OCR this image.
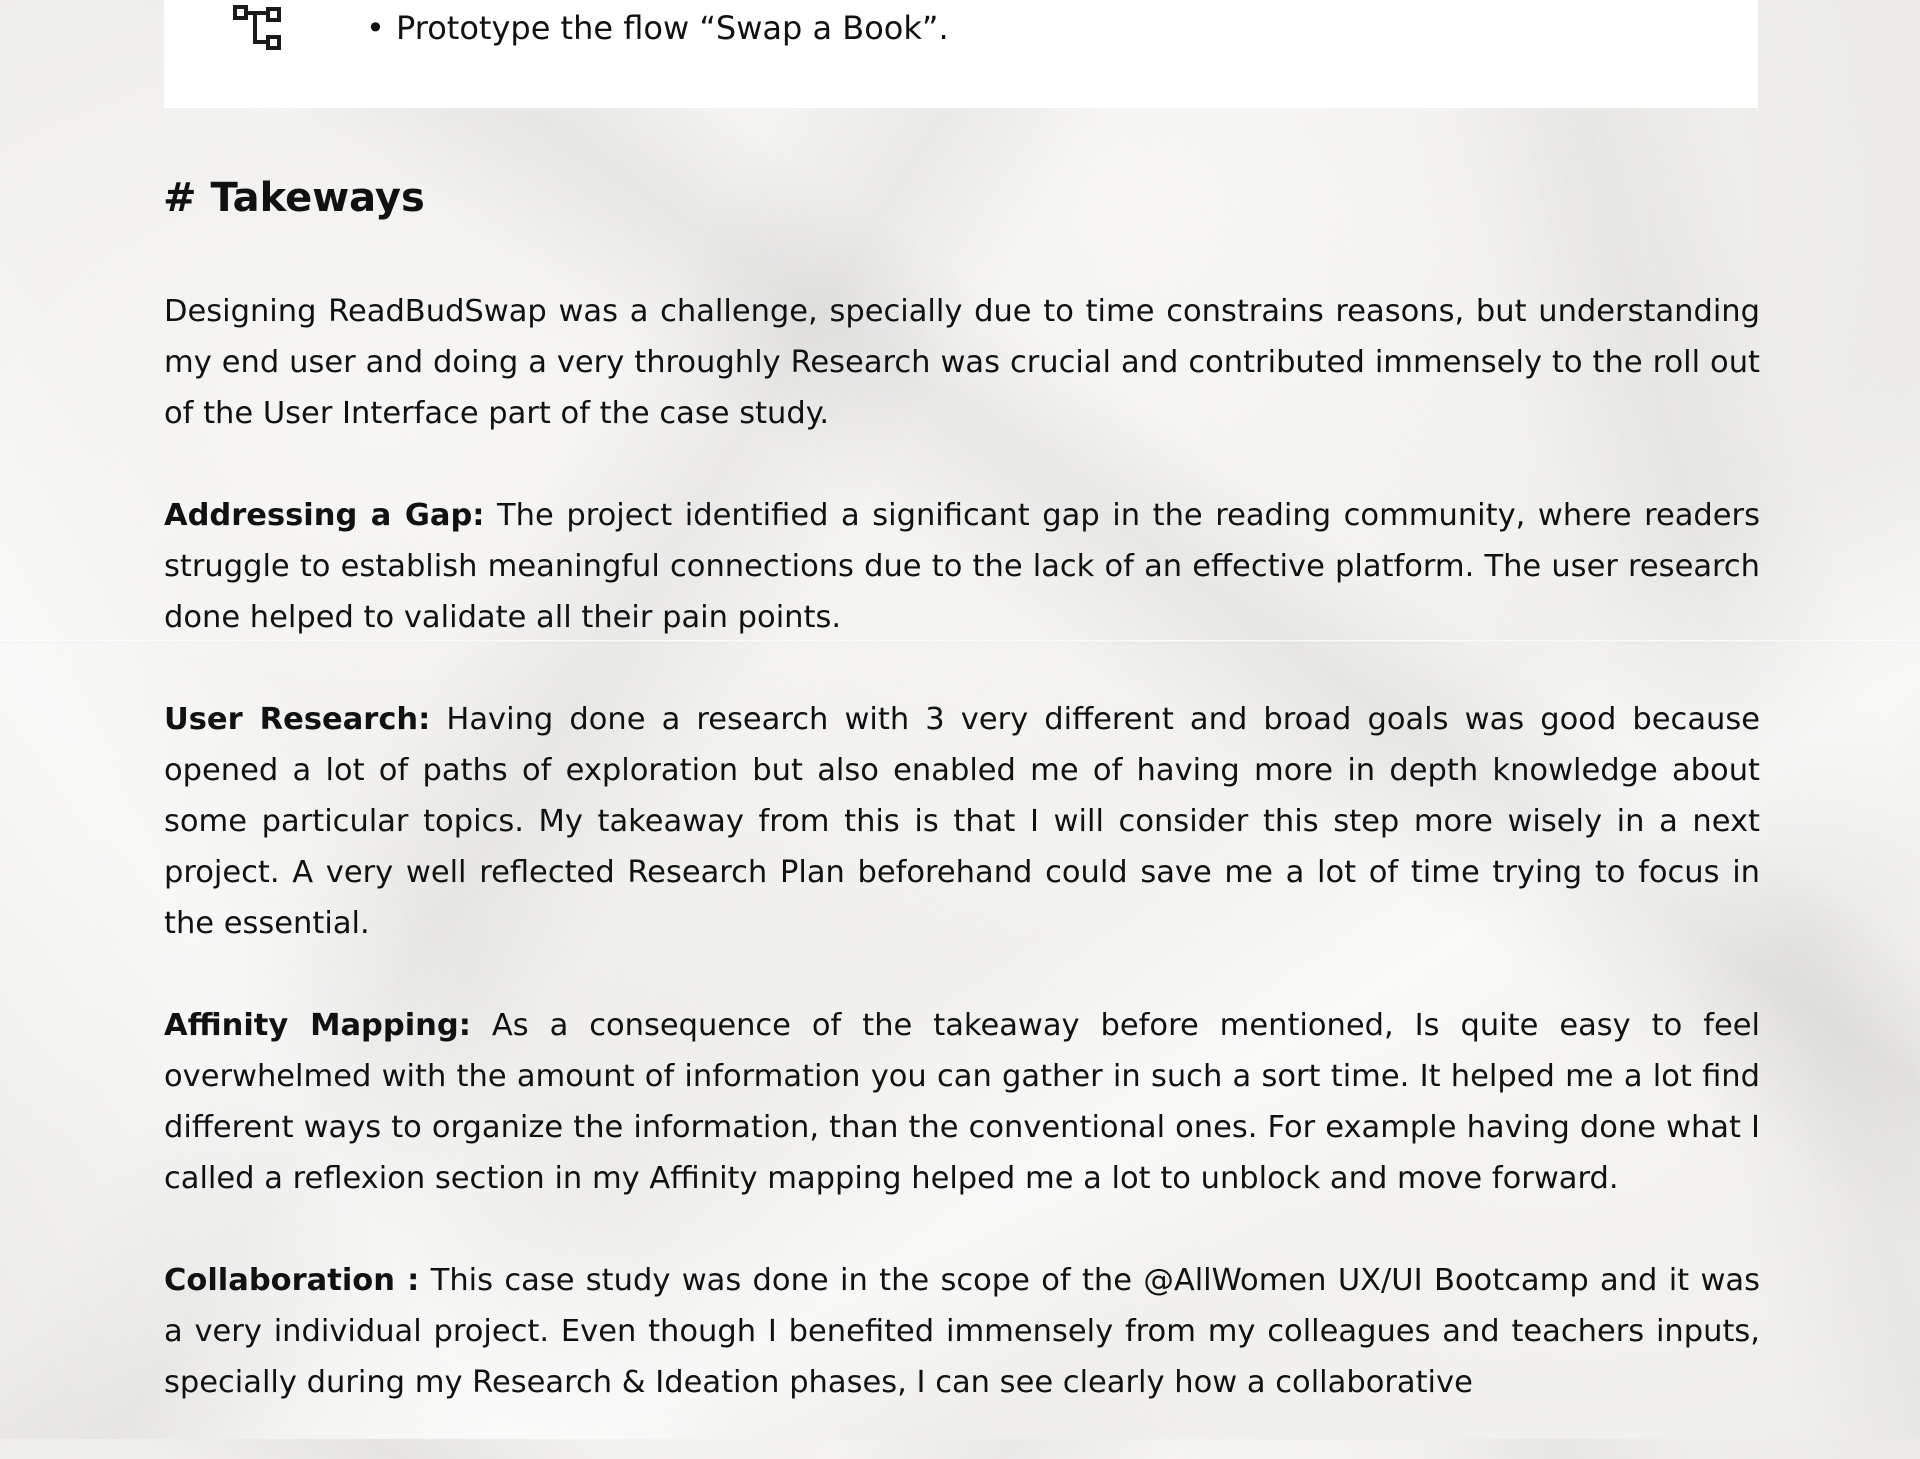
• Prototype the flow “Swap a Book”.
# Takeways

Designing ReadBudSwap was a challenge, specially due to time constrains reasons, but understanding my end user and doing a very throughly Research was crucial and contributed immensely to the roll out of the User Interface part of the case study.

Addressing a Gap: The project identified a significant gap in the reading community, where readers struggle to establish meaningful connections due to the lack of an effective platform. The user research done helped to validate all their pain points.

User Research: Having done a research with 3 very different and broad goals was good because opened a lot of paths of exploration but also enabled me of having more in depth knowledge about some particular topics. My takeaway from this is that I will consider this step more wisely in a next project. A very well reflected Research Plan beforehand could save me a lot of time trying to focus in the essential.

Affinity Mapping: As a consequence of the takeaway before mentioned, Is quite easy to feel overwhelmed with the amount of information you can gather in such a sort time. It helped me a lot find different ways to organize the information, than the conventional ones. For example having done what I called a reflexion section in my Affinity mapping helped me a lot to unblock and move forward.

Collaboration : This case study was done in the scope of the @AllWomen UX/UI Bootcamp and it was a very individual project. Even though I benefited immensely from my colleagues and teachers inputs, specially during my Research & Ideation phases, I can see clearly how a collaborative
